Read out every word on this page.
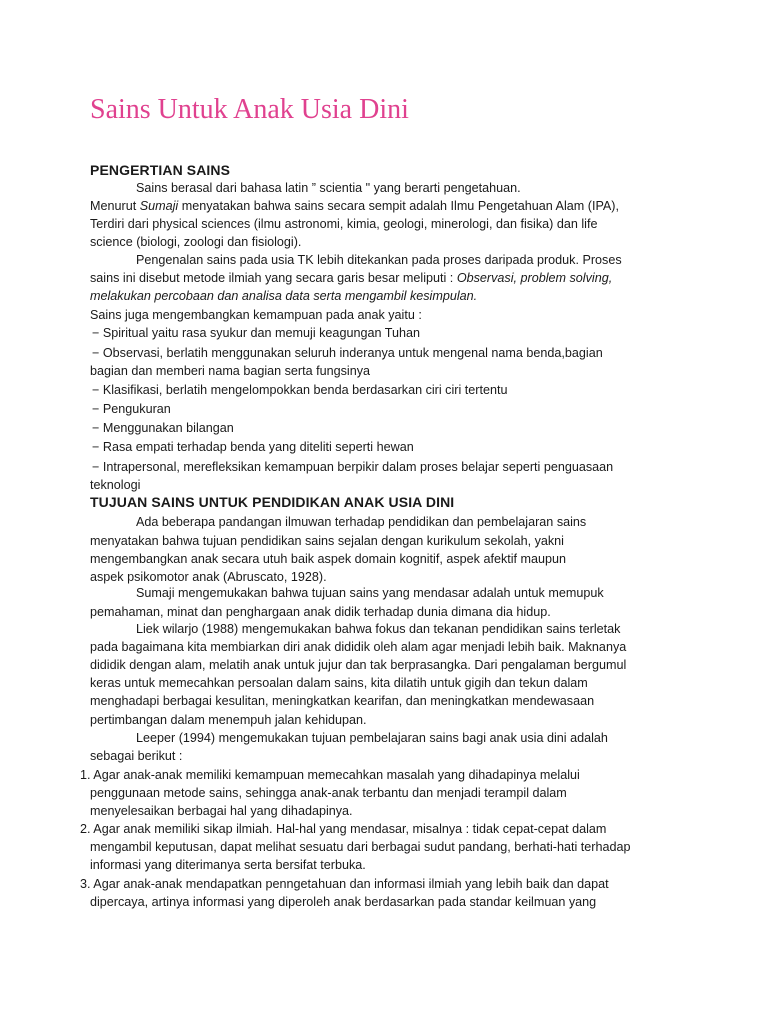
Sains Untuk Anak Usia Dini
PENGERTIAN SAINS
Sains berasal dari bahasa latin ” scientia " yang berarti pengetahuan.
Menurut Sumaji menyatakan bahwa sains secara sempit adalah Ilmu Pengetahuan Alam (IPA),
Terdiri dari physical sciences (ilmu astronomi, kimia, geologi, minerologi, dan fisika) dan life
science (biologi, zoologi dan fisiologi).
Pengenalan sains pada usia TK lebih ditekankan pada proses daripada produk. Proses
sains ini disebut metode ilmiah yang secara garis besar meliputi : Observasi, problem solving,
melakukan percobaan dan analisa data serta mengambil kesimpulan.
Sains juga mengembangkan kemampuan pada anak yaitu :
− Spiritual yaitu rasa syukur dan memuji keagungan Tuhan
− Observasi, berlatih menggunakan seluruh inderanya untuk mengenal nama benda,bagian
bagian dan memberi nama bagian serta fungsinya
− Klasifikasi, berlatih mengelompokkan benda berdasarkan ciri ciri tertentu
− Pengukuran
− Menggunakan bilangan
− Rasa empati terhadap benda yang diteliti seperti hewan
− Intrapersonal, merefleksikan kemampuan berpikir dalam proses belajar seperti penguasaan
teknologi
TUJUAN SAINS UNTUK PENDIDIKAN ANAK USIA DINI
Ada beberapa pandangan ilmuwan terhadap pendidikan dan pembelajaran sains
menyatakan bahwa tujuan pendidikan sains sejalan dengan kurikulum sekolah, yakni
mengembangkan anak secara utuh baik aspek domain kognitif, aspek afektif maupun
aspek psikomotor anak (Abruscato, 1928).
Sumaji mengemukakan bahwa tujuan sains yang mendasar adalah untuk memupuk
pemahaman, minat dan penghargaan anak didik terhadap dunia dimana dia hidup.
Liek wilarjo (1988) mengemukakan bahwa fokus dan tekanan pendidikan sains terletak
pada bagaimana kita membiarkan diri anak dididik oleh alam agar menjadi lebih baik. Maknanya
dididik dengan alam, melatih anak untuk jujur dan tak berprasangka. Dari pengalaman bergumul
keras untuk memecahkan persoalan dalam sains, kita dilatih untuk gigih dan tekun dalam
menghadapi berbagai kesulitan, meningkatkan kearifan, dan meningkatkan mendewasaan
pertimbangan dalam menempuh jalan kehidupan.
Leeper (1994) mengemukakan tujuan pembelajaran sains bagi anak usia dini adalah
sebagai berikut :
1. Agar anak-anak memiliki kemampuan memecahkan masalah yang dihadapinya melalui
penggunaan metode sains, sehingga anak-anak terbantu dan menjadi terampil dalam
menyelesaikan berbagai hal yang dihadapinya.
2. Agar anak memiliki sikap ilmiah. Hal-hal yang mendasar, misalnya : tidak cepat-cepat dalam
mengambil keputusan, dapat melihat sesuatu dari berbagai sudut pandang, berhati-hati terhadap
informasi yang diterimanya serta bersifat terbuka.
3. Agar anak-anak mendapatkan penngetahuan dan informasi ilmiah yang lebih baik dan dapat
dipercaya, artinya informasi yang diperoleh anak berdasarkan pada standar keilmuan yang
